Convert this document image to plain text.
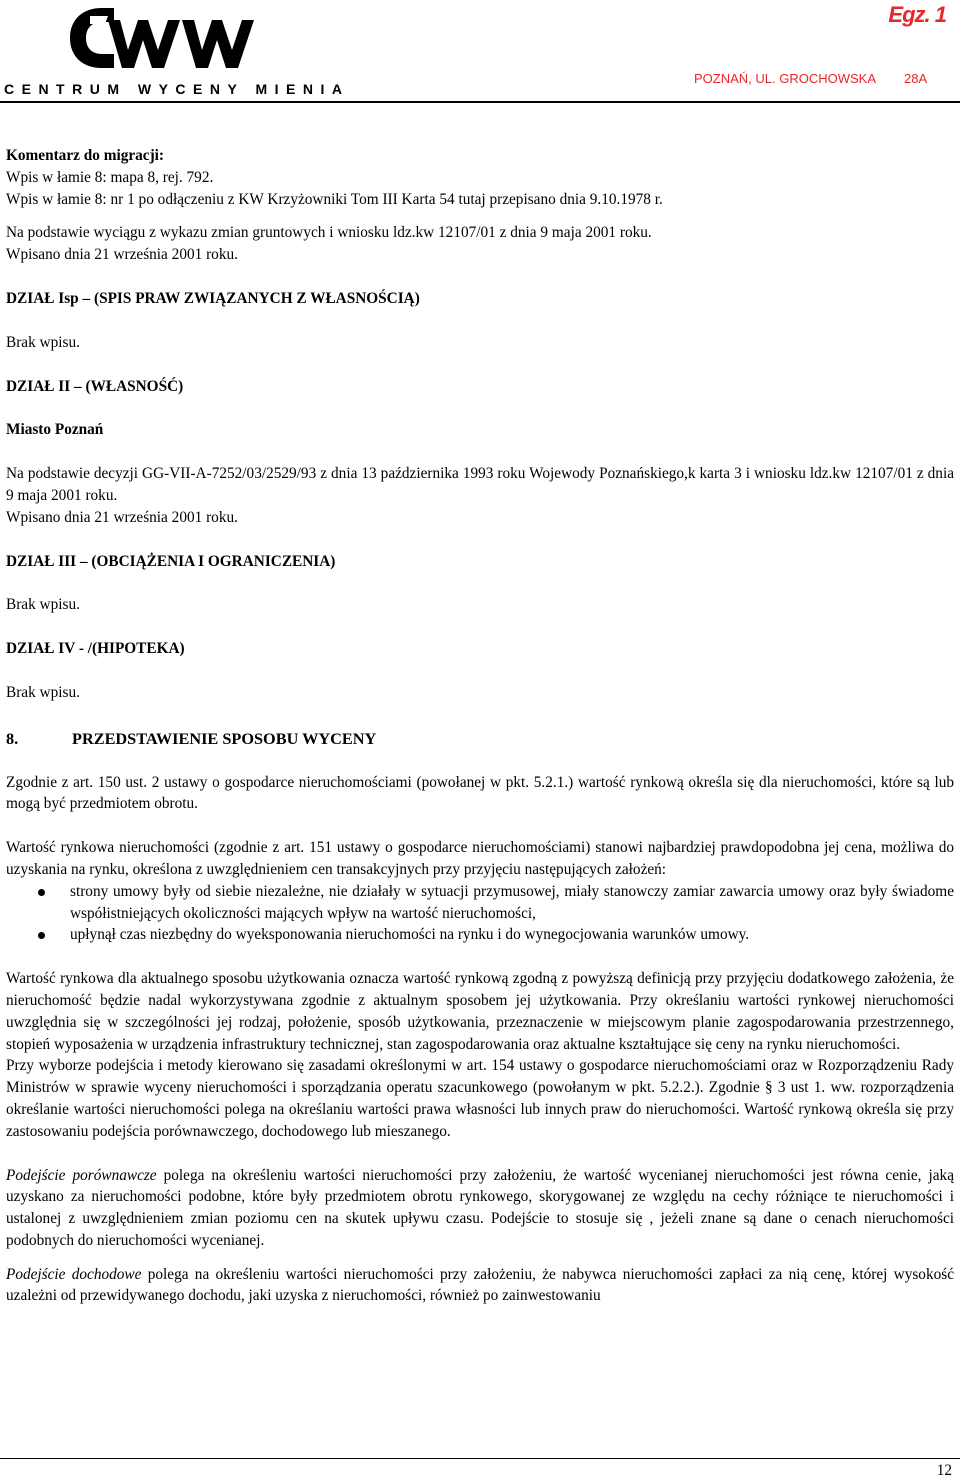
CENTRUM WYCENY MIENIA
Egz. 1
POZNAŃ, UL. GROCHOWSKA 28A

Komentarz do migracji:

Wpis w łamie 8: mapa 8, rej. 792.

Wpis w łamie 8: nr 1 po odłączeniu z KW Krzyżowniki Tom III Karta 54 tutaj przepisano dnia 9.10.1978 r.

Na podstawie wyciągu z wykazu zmian gruntowych i wniosku ldz.kw 12107/01 z dnia 9 maja 2001 roku.

Wpisano dnia 21 września 2001 roku.

DZIAŁ Isp – (SPIS PRAW ZWIĄZANYCH Z WŁASNOŚCIĄ)

Brak wpisu.

DZIAŁ II – (WŁASNOŚĆ)

Miasto Poznań

Na podstawie decyzji GG-VII-A-7252/03/2529/93 z dnia 13 października 1993 roku Wojewody Poznańskiego,k karta 3 i wniosku ldz.kw 12107/01 z dnia 9 maja 2001 roku.

Wpisano dnia 21 września 2001 roku.

DZIAŁ III – (OBCIĄŻENIA I OGRANICZENIA)

Brak wpisu.

DZIAŁ IV - /(HIPOTEKA)

Brak wpisu.

8.	PRZEDSTAWIENIE SPOSOBU WYCENY

Zgodnie z art. 150 ust. 2 ustawy o gospodarce nieruchomościami (powołanej w pkt. 5.2.1.) wartość rynkową określa się dla nieruchomości, które są lub mogą być przedmiotem obrotu.

Wartość rynkowa nieruchomości (zgodnie z art. 151 ustawy o gospodarce nieruchomościami) stanowi najbardziej prawdopodobna jej cena, możliwa do uzyskania na rynku, określona z uwzględnieniem cen transakcyjnych przy przyjęciu następujących założeń:

strony umowy były od siebie niezależne, nie działały w sytuacji przymusowej, miały stanowczy zamiar zawarcia umowy oraz były świadome współistniejących okoliczności mających wpływ na wartość nieruchomości,
upłynął czas niezbędny do wyeksponowania nieruchomości na rynku i do wynegocjowania warunków umowy.

Wartość rynkowa dla aktualnego sposobu użytkowania oznacza wartość rynkową zgodną z powyższą definicją przy przyjęciu dodatkowego założenia, że nieruchomość będzie nadal wykorzystywana zgodnie z aktualnym sposobem jej użytkowania. Przy określaniu wartości rynkowej nieruchomości uwzględnia się w szczególności jej rodzaj, położenie, sposób użytkowania, przeznaczenie w miejscowym planie zagospodarowania przestrzennego, stopień wyposażenia w urządzenia infrastruktury technicznej, stan zagospodarowania oraz aktualne kształtujące się ceny na rynku nieruchomości.

Przy wyborze podejścia i metody kierowano się zasadami określonymi w art. 154 ustawy o gospodarce nieruchomościami oraz w Rozporządzeniu Rady Ministrów w sprawie wyceny nieruchomości i sporządzania operatu szacunkowego (powołanym w pkt. 5.2.2.). Zgodnie § 3 ust 1. ww. rozporządzenia określanie wartości nieruchomości polega na określaniu wartości prawa własności lub innych praw do nieruchomości. Wartość rynkową określa się przy zastosowaniu podejścia porównawczego, dochodowego lub mieszanego.

Podejście porównawcze polega na określeniu wartości nieruchomości przy założeniu, że wartość wycenianej nieruchomości jest równa cenie, jaką uzyskano za nieruchomości podobne, które były przedmiotem obrotu rynkowego, skorygowanej ze względu na cechy różniące te nieruchomości i ustalonej z uwzględnieniem zmian poziomu cen na skutek upływu czasu. Podejście to stosuje się , jeżeli znane są dane o cenach nieruchomości podobnych do nieruchomości wycenianej.

Podejście dochodowe polega na określeniu wartości nieruchomości przy założeniu, że nabywca nieruchomości zapłaci za nią cenę, której wysokość uzależni od przewidywanego dochodu, jaki uzyska z nieruchomości, również po zainwestowaniu

12
